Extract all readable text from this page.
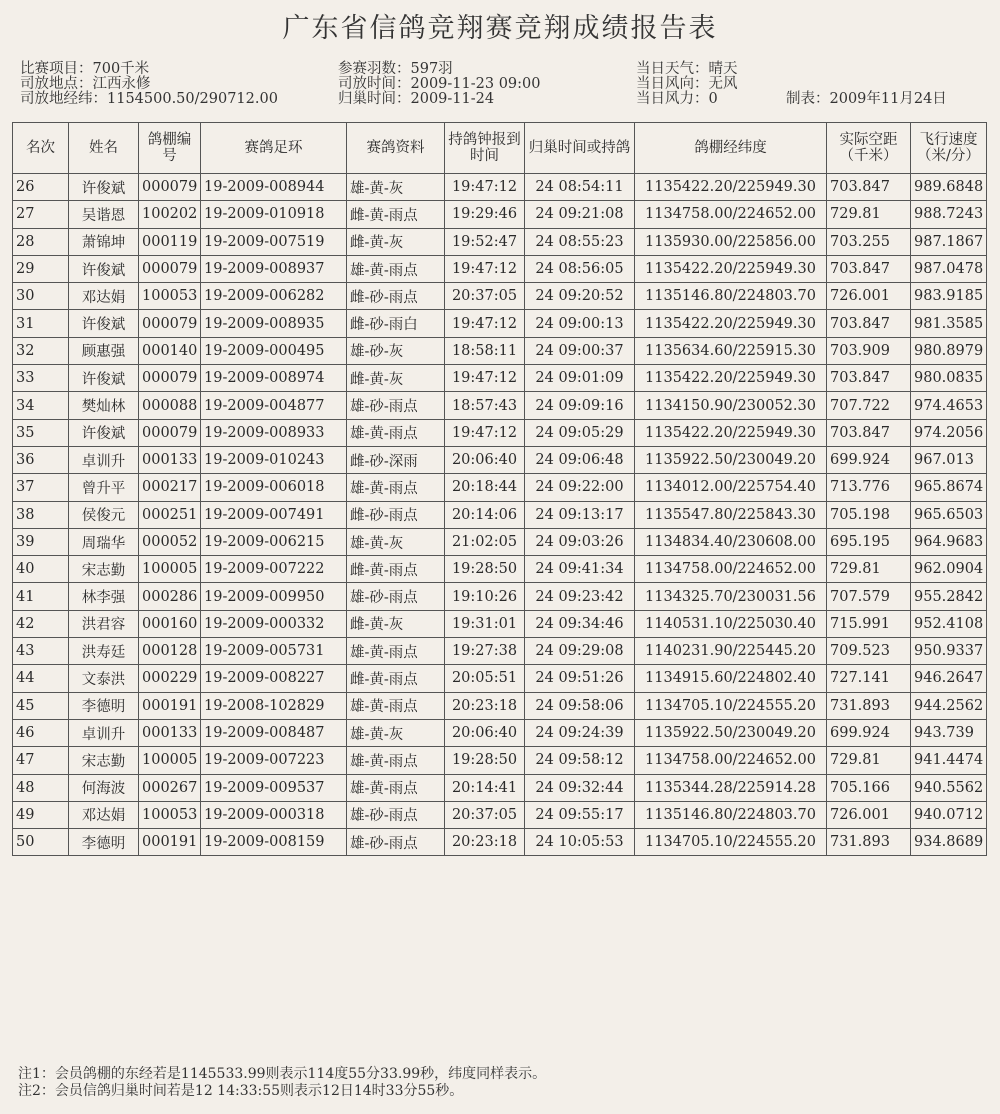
广东省信鸽竞翔赛竞翔成绩报告表
比赛项目：700千米
司放地点：江西永修
司放地经纬：1154500.50/290712.00
参赛羽数：597羽
司放时间：2009-11-23 09:00
归巢时间：2009-11-24
当日天气：晴天
当日风向：无风
当日风力：0	制表：2009年11月24日
名次	姓名	鸽棚编号	赛鸽足环	赛鸽资料	持鸽钟报到时间	归巢时间或持鸽	鸽棚经纬度	实际空距（千米）	飞行速度（米/分）
26	许俊斌	000079	19-2009-008944	雄-黄-灰	19:47:12	24 08:54:11	1135422.20/225949.30	703.847	989.6848
27	吴谐恩	100202	19-2009-010918	雌-黄-雨点	19:29:46	24 09:21:08	1134758.00/224652.00	729.81	988.7243
28	萧锦坤	000119	19-2009-007519	雌-黄-灰	19:52:47	24 08:55:23	1135930.00/225856.00	703.255	987.1867
29	许俊斌	000079	19-2009-008937	雄-黄-雨点	19:47:12	24 08:56:05	1135422.20/225949.30	703.847	987.0478
30	邓达娟	100053	19-2009-006282	雌-砂-雨点	20:37:05	24 09:20:52	1135146.80/224803.70	726.001	983.9185
31	许俊斌	000079	19-2009-008935	雌-砂-雨白	19:47:12	24 09:00:13	1135422.20/225949.30	703.847	981.3585
32	顾惠强	000140	19-2009-000495	雄-砂-灰	18:58:11	24 09:00:37	1135634.60/225915.30	703.909	980.8979
33	许俊斌	000079	19-2009-008974	雌-黄-灰	19:47:12	24 09:01:09	1135422.20/225949.30	703.847	980.0835
34	樊灿林	000088	19-2009-004877	雄-砂-雨点	18:57:43	24 09:09:16	1134150.90/230052.30	707.722	974.4653
35	许俊斌	000079	19-2009-008933	雄-黄-雨点	19:47:12	24 09:05:29	1135422.20/225949.30	703.847	974.2056
36	卓训升	000133	19-2009-010243	雌-砂-深雨	20:06:40	24 09:06:48	1135922.50/230049.20	699.924	967.013
37	曾升平	000217	19-2009-006018	雄-黄-雨点	20:18:44	24 09:22:00	1134012.00/225754.40	713.776	965.8674
38	侯俊元	000251	19-2009-007491	雌-砂-雨点	20:14:06	24 09:13:17	1135547.80/225843.30	705.198	965.6503
39	周瑞华	000052	19-2009-006215	雄-黄-灰	21:02:05	24 09:03:26	1134834.40/230608.00	695.195	964.9683
40	宋志勤	100005	19-2009-007222	雌-黄-雨点	19:28:50	24 09:41:34	1134758.00/224652.00	729.81	962.0904
41	林李强	000286	19-2009-009950	雄-砂-雨点	19:10:26	24 09:23:42	1134325.70/230031.56	707.579	955.2842
42	洪君容	000160	19-2009-000332	雌-黄-灰	19:31:01	24 09:34:46	1140531.10/225030.40	715.991	952.4108
43	洪寿廷	000128	19-2009-005731	雄-黄-雨点	19:27:38	24 09:29:08	1140231.90/225445.20	709.523	950.9337
44	文泰洪	000229	19-2009-008227	雌-黄-雨点	20:05:51	24 09:51:26	1134915.60/224802.40	727.141	946.2647
45	李德明	000191	19-2008-102829	雄-黄-雨点	20:23:18	24 09:58:06	1134705.10/224555.20	731.893	944.2562
46	卓训升	000133	19-2009-008487	雄-黄-灰	20:06:40	24 09:24:39	1135922.50/230049.20	699.924	943.739
47	宋志勤	100005	19-2009-007223	雄-黄-雨点	19:28:50	24 09:58:12	1134758.00/224652.00	729.81	941.4474
48	何海波	000267	19-2009-009537	雄-黄-雨点	20:14:41	24 09:32:44	1135344.28/225914.28	705.166	940.5562
49	邓达娟	100053	19-2009-000318	雄-砂-雨点	20:37:05	24 09:55:17	1135146.80/224803.70	726.001	940.0712
50	李德明	000191	19-2009-008159	雄-砂-雨点	20:23:18	24 10:05:53	1134705.10/224555.20	731.893	934.8689
注1：会员鸽棚的东经若是1145533.99则表示114度55分33.99秒，纬度同样表示。
注2：会员信鸽归巢时间若是12 14:33:55则表示12日14时33分55秒。
